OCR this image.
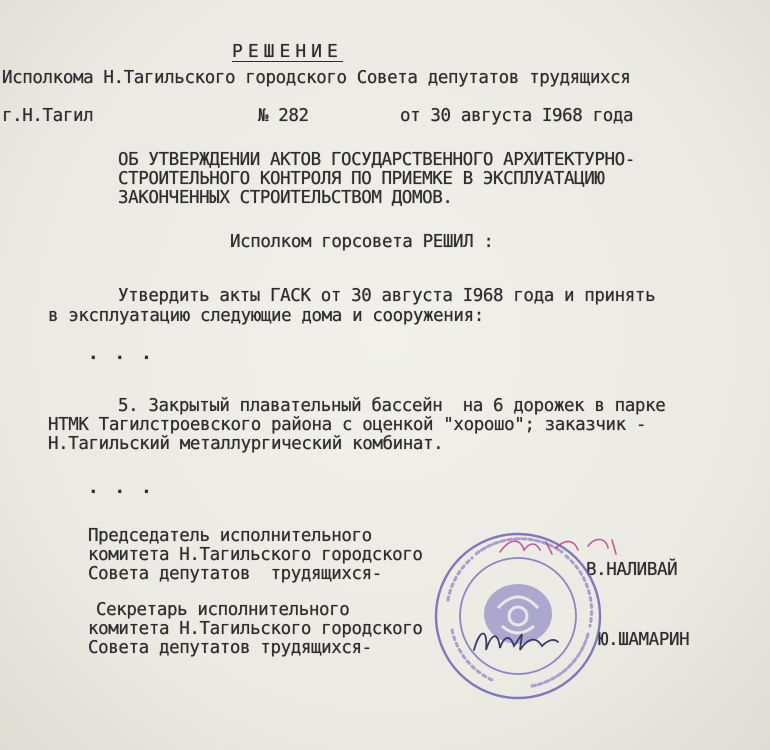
РЕШЕНИЕ
Исполкома Н.Тагильского городского Совета депутатов трудящихся
г.Н.Тагил	№ 282	от 30 августа I968 года
ОБ УТВЕРЖДЕНИИ АКТОВ ГОСУДАРСТВЕННОГО АРХИТЕКТУРНО-
СТРОИТЕЛЬНОГО КОНТРОЛЯ ПО ПРИЕМКЕ В ЭКСПЛУАТАЦИЮ
ЗАКОНЧЕННЫХ СТРОИТЕЛЬСТВОМ ДОМОВ.
Исполком горсовета РЕШИЛ :
Утвердить акты ГАСК от 30 августа I968 года и принять
в эксплуатацию следующие дома и сооружения:
...
5. Закрытый плавательный бассейн  на 6 дорожек в парке
НТМК Тагилстроевского района с оценкой "хорошо"; заказчик -
Н.Тагильский металлургический комбинат.
...
Председатель исполнительного
комитета Н.Тагильского городского
Совета депутатов  трудящихся-	В.НАЛИВАЙ
Секретарь исполнительного
комитета Н.Тагильского городского
Совета депутатов трудящихся-	Ю.ШАМАРИН
